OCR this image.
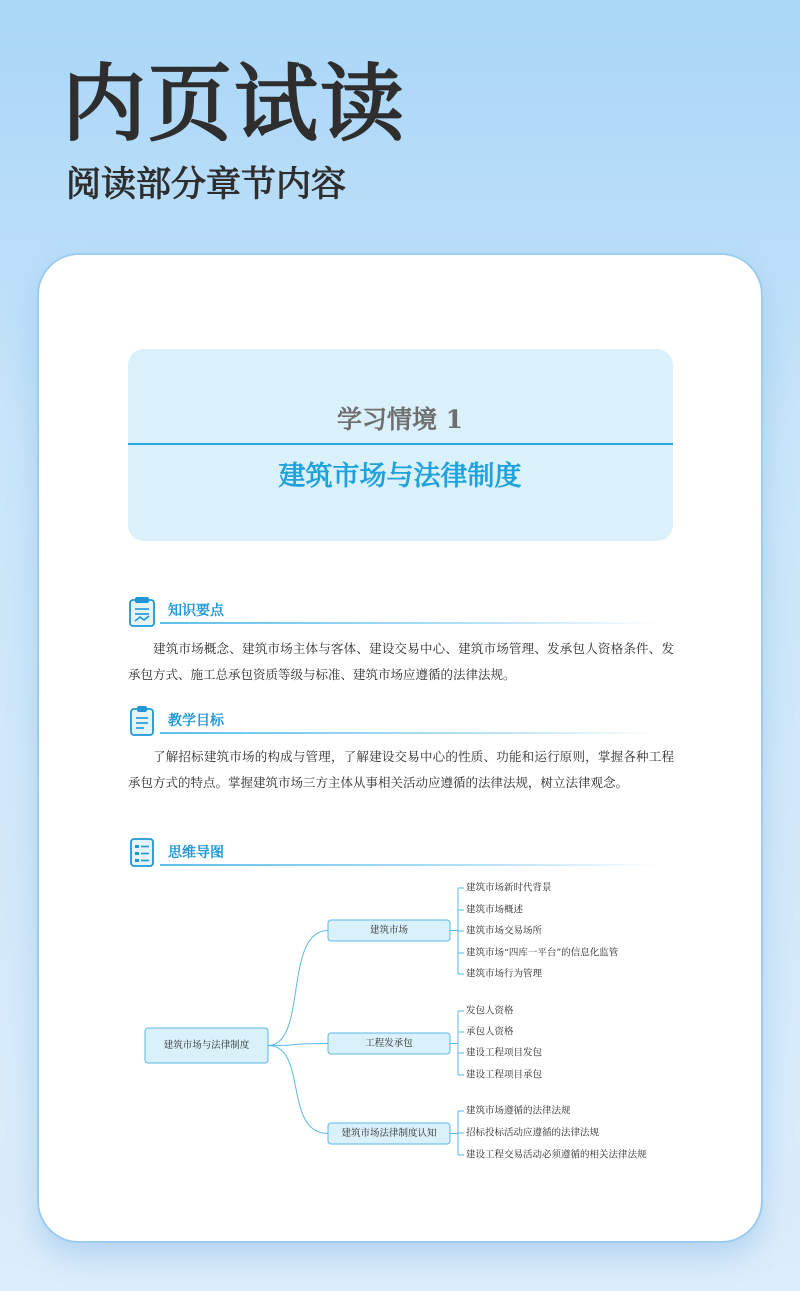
内页试读
阅读部分章节内容
学习情境 1
建筑市场与法律制度
知识要点

建筑市场概念、建筑市场主体与客体、建设交易中心、建筑市场管理、发承包人资格条件、发承包方式、施工总承包资质等级与标准、建筑市场应遵循的法律法规。

教学目标

了解招标建筑市场的构成与管理，了解建设交易中心的性质、功能和运行原则，掌握各种工程承包方式的特点。掌握建筑市场三方主体从事相关活动应遵循的法律法规，树立法律观念。

思维导图
建筑市场
建筑市场新时代背景
建筑市场概述
建筑市场交易场所
建筑市场“四库一平台”的信息化监管
建筑市场行为管理
工程发承包
发包人资格
承包人资格
建设工程项目发包
建设工程项目承包
建筑市场法律制度认知
建筑市场遵循的法律法规
招标投标活动应遵循的法律法规
建设工程交易活动必须遵循的相关法律法规
建筑市场与法律制度
